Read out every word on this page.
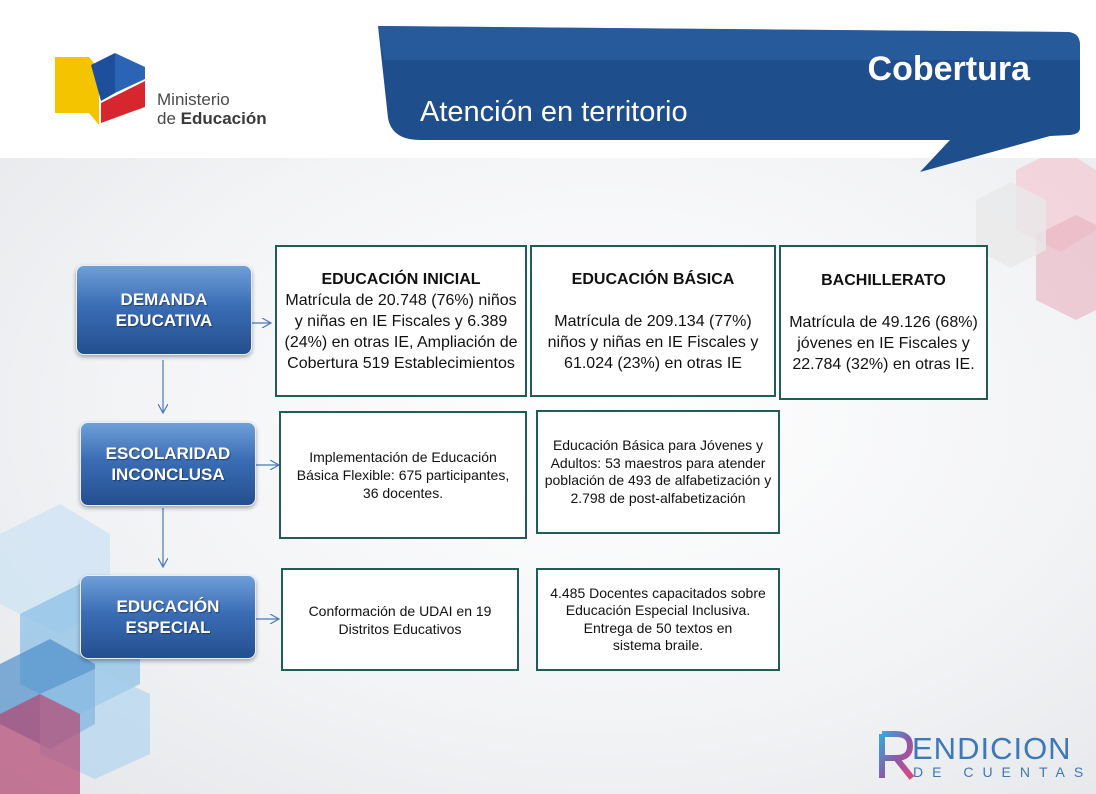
Cobertura
Atención en territorio
Ministerio
de Educación
DEMANDA EDUCATIVA
ESCOLARIDAD INCONCLUSA
EDUCACIÓN ESPECIAL
EDUCACIÓN INICIAL
Matrícula de 20.748 (76%) niños y niñas en IE Fiscales y 6.389 (24%) en otras IE, Ampliación de Cobertura 519 Establecimientos
EDUCACIÓN BÁSICA
Matrícula de 209.134 (77%) niños y niñas en IE Fiscales y 61.024 (23%) en otras IE
BACHILLERATO
Matrícula de 49.126 (68%) jóvenes en IE Fiscales y 22.784 (32%) en otras IE.
Implementación de Educación Básica Flexible: 675 participantes, 36 docentes.
Educación Básica para Jóvenes y Adultos: 53 maestros para atender población de 493 de alfabetización y 2.798 de post-alfabetización
Conformación de UDAI en 19 Distritos Educativos
4.485 Docentes capacitados sobre Educación Especial Inclusiva.
Entrega de 50 textos en sistema braile.
ENDICION
DE CUENTAS
